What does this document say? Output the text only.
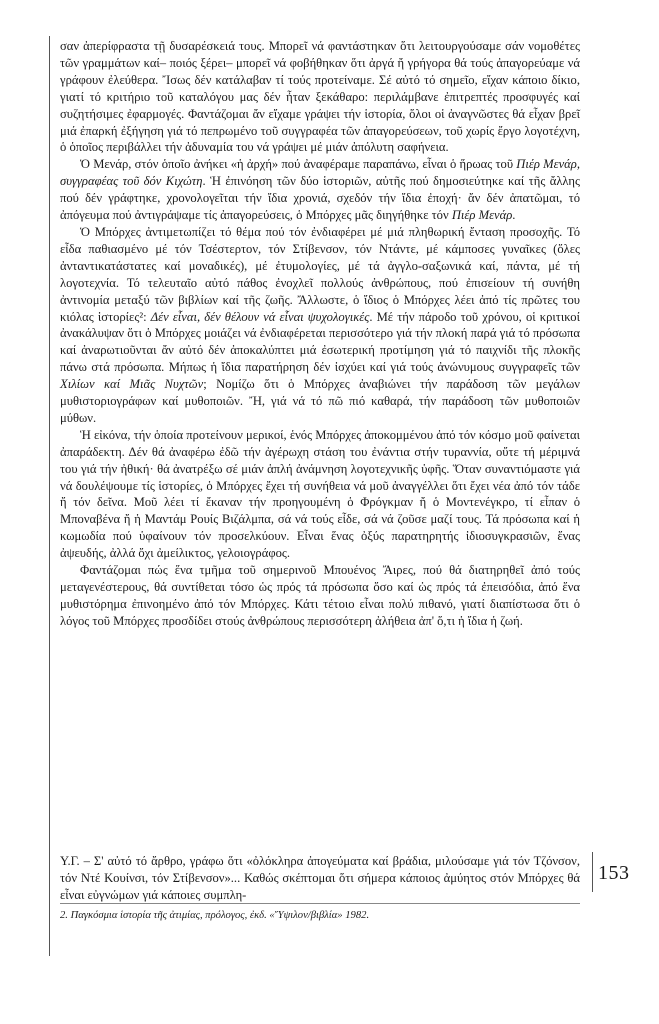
σαν ἀπερίφραστα τῇ δυσαρέσκειά τους. Μπορεῖ νά φαντάστηκαν ὅτι λειτουργούσαμε σάν νομοθέτες τῶν γραμμάτων καί– ποιός ξέρει– μπορεῖ νά φοβήθηκαν ὅτι ἀργά ἤ γρήγορα θά τούς ἀπαγορεύαμε νά γράφουν ἐλεύθερα. Ἴσως δέν κατάλαβαν τί τούς προτείναμε. Σέ αὐτό τό σημεῖο, εἴχαν κάποιο δίκιο, γιατί τό κριτήριο τοῦ καταλόγου μας δέν ἦταν ξεκάθαρο: περιλάμβανε ἐπιτρεπτές προσφυγές καί συζητήσιμες ἐφαρμογές. Φαντάζομαι ἄν εἴχαμε γράψει τήν ἱστορία, ὅλοι οἱ ἀναγνῶστες θά εἶχαν βρεῖ μιά ἐπαρκή ἐξήγηση γιά τό πεπρωμένο τοῦ συγγραφέα τῶν ἀπαγορεύσεων, τοῦ χωρίς ἔργο λογοτέχνη, ὁ ὁποῖος περιβάλλει τήν ἀδυναμία του νά γράψει μέ μιάν ἀπόλυτη σαφήνεια.

Ὁ Μενάρ, στόν ὁποῖο ἀνήκει «ἡ ἀρχή» πού ἀναφέραμε παραπάνω, εἶναι ὁ ἥρωας τοῦ Πιέρ Μενάρ, συγγραφέας τοῦ δόν Κιχώτη. Ἡ ἐπινόηση τῶν δύο ἱστοριῶν, αὐτῆς πού δημοσιεύτηκε καί τῆς ἄλλης πού δέν γράφτηκε, χρονολογεῖται τήν ἴδια χρονιά, σχεδόν τήν ἴδια ἐποχή· ἄν δέν ἀπατῶμαι, τό ἀπόγευμα πού ἀντιγράψαμε τίς ἀπαγορεύσεις, ὁ Μπόρχες μᾶς διηγήθηκε τόν Πιέρ Μενάρ.

Ὁ Μπόρχες ἀντιμετωπίζει τό θέμα πού τόν ἐνδιαφέρει μέ μιά πληθωρική ἔνταση προσοχῆς. Τό εἶδα παθιασμένο μέ τόν Τσέστερτον, τόν Στίβενσον, τόν Ντάντε, μέ κάμποσες γυναῖκες (ὅλες ἀνταντικατάστατες καί μοναδικές), μέ ἐτυμολογίες, μέ τά ἀγγλο-σαξωνικά καί, πάντα, μέ τή λογοτεχνία. Τό τελευταῖο αὐτό πάθος ἐνοχλεῖ πολλούς ἀνθρώπους, πού ἐπισείουν τή συνήθη ἀντινομία μεταξύ τῶν βιβλίων καί τῆς ζωῆς. Ἄλλωστε, ὁ ἴδιος ὁ Μπόρχες λέει ἀπό τίς πρῶτες του κιόλας ἱστορίες²: Δέν εἶναι, δέν θέλουν νά εἶναι ψυχολογικές. Μέ τήν πάροδο τοῦ χρόνου, οἱ κριτικοί ἀνακάλυψαν ὅτι ὁ Μπόρχες μοιάζει νά ἐνδιαφέρεται περισσότερο γιά τήν πλοκή παρά γιά τό πρόσωπα καί ἀναρωτιοῦνται ἄν αὐτό δέν ἀποκαλύπτει μιά ἐσωτερική προτίμηση γιά τό παιχνίδι τῆς πλοκῆς πάνω στά πρόσωπα. Μήπως ἡ ἴδια παρατήρηση δέν ἰσχύει καί γιά τούς ἀνώνυμους συγγραφεῖς τῶν Χιλίων καί Μιᾶς Νυχτῶν; Νομίζω ὅτι ὁ Μπόρχες ἀναβιώνει τήν παράδοση τῶν μεγάλων μυθιστοριογράφων καί μυθοποιῶν. Ἤ, γιά νά τό πῶ πιό καθαρά, τήν παράδοση τῶν μυθοποιῶν μύθων.

Ἡ εἰκόνα, τήν ὁποία προτείνουν μερικοί, ἑνός Μπόρχες ἀποκομμένου ἀπό τόν κόσμο μοῦ φαίνεται ἀπαράδεκτη. Δέν θά ἀναφέρω ἐδῶ τήν ἀγέρωχη στάση του ἐνάντια στήν τυραννία, οὔτε τή μέριμνά του γιά τήν ἠθική· θά ἀνατρέξω σέ μιάν ἁπλή ἀνάμνηση λογοτεχνικῆς ὑφῆς. Ὅταν συναντιόμαστε γιά νά δουλέψουμε τίς ἱστορίες, ὁ Μπόρχες ἔχει τή συνήθεια νά μοῦ ἀναγγέλλει ὅτι ἔχει νέα ἀπό τόν τάδε ἤ τόν δεῖνα. Μοῦ λέει τί ἔκαναν τήν προηγουμένη ὁ Φρόγκμαν ἤ ὁ Μοντενέγκρο, τί εἶπαν ὁ Μποναβένα ἤ ἡ Μαντάμ Ρουίς Βιζάλμπα, σά νά τούς εἶδε, σά νά ζοῦσε μαζί τους. Τά πρόσωπα καί ἡ κωμωδία πού ὑφαίνουν τόν προσελκύουν. Εἶναι ἕνας ὀξύς παρατηρητής ἰδιοσυγκρασιῶν, ἕνας ἀψευδής, ἀλλά ὄχι ἀμείλικτος, γελοιογράφος.

Φαντάζομαι πώς ἕνα τμῆμα τοῦ σημερινοῦ Μπουένος Ἄιρες, πού θά διατηρηθεῖ ἀπό τούς μεταγενέστερους, θά συντίθεται τόσο ὡς πρός τά πρόσωπα ὅσο καί ὡς πρός τά ἐπεισόδια, ἀπό ἕνα μυθιστόρημα ἐπινοημένο ἀπό τόν Μπόρχες. Κάτι τέτοιο εἶναι πολύ πιθανό, γιατί διαπίστωσα ὅτι ὁ λόγος τοῦ Μπόρχες προσδίδει στούς ἀνθρώπους περισσότερη ἀλήθεια ἀπ' ὅ,τι ἡ ἴδια ἡ ζωή.

Υ.Γ. – Σ' αὐτό τό ἄρθρο, γράφω ὅτι «ὀλόκληρα ἀπογεύματα καί βράδια, μιλούσαμε γιά τόν Τζόνσον, τόν Ντέ Κουίνσι, τόν Στίβενσον»... Καθώς σκέπτομαι ὅτι σήμερα κάποιος ἀμύητος στόν Μπόρχες θά εἶναι εὐγνώμων γιά κάποιες συμπλη-
153
2. Παγκόσμια ἱστορία τῆς ἀτιμίας, πρόλογος, ἐκδ. «Ὕψιλον/βιβλία» 1982.
